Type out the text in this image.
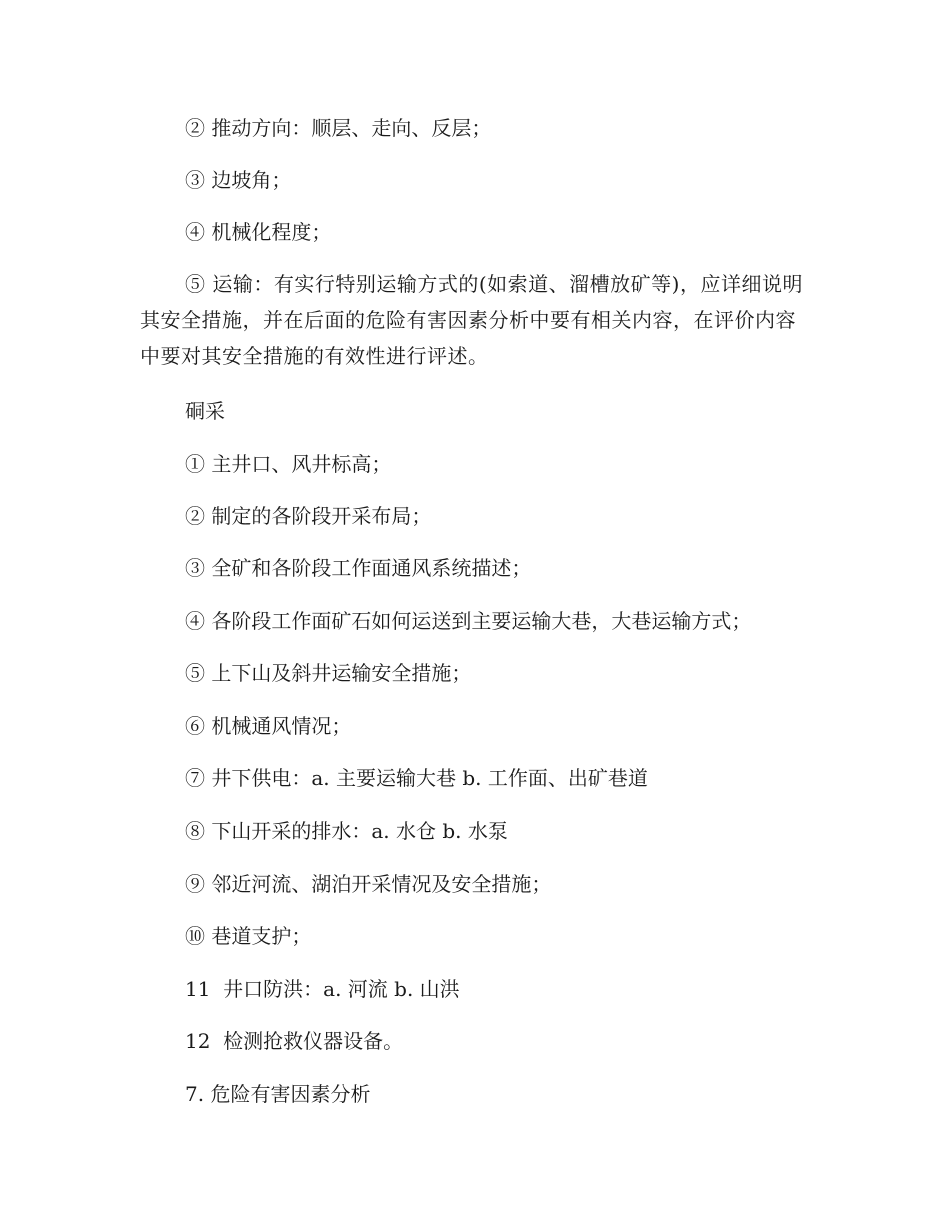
② 推动方向：顺层、走向、反层；
③ 边坡角；
④ 机械化程度；
⑤ 运输：有实行特别运输方式的(如索道、溜槽放矿等)，应详细说明其安全措施，并在后面的危险有害因素分析中要有相关内容，在评价内容中要对其安全措施的有效性进行评述。
硐采
① 主井口、风井标高；
② 制定的各阶段开采布局；
③ 全矿和各阶段工作面通风系统描述；
④ 各阶段工作面矿石如何运送到主要运输大巷，大巷运输方式；
⑤ 上下山及斜井运输安全措施；
⑥ 机械通风情况；
⑦ 井下供电：a. 主要运输大巷 b. 工作面、出矿巷道
⑧ 下山开采的排水：a. 水仓 b. 水泵
⑨ 邻近河流、湖泊开采情况及安全措施；
⑩ 巷道支护；
11  井口防洪：a. 河流 b. 山洪
12  检测抢救仪器设备。
7. 危险有害因素分析
